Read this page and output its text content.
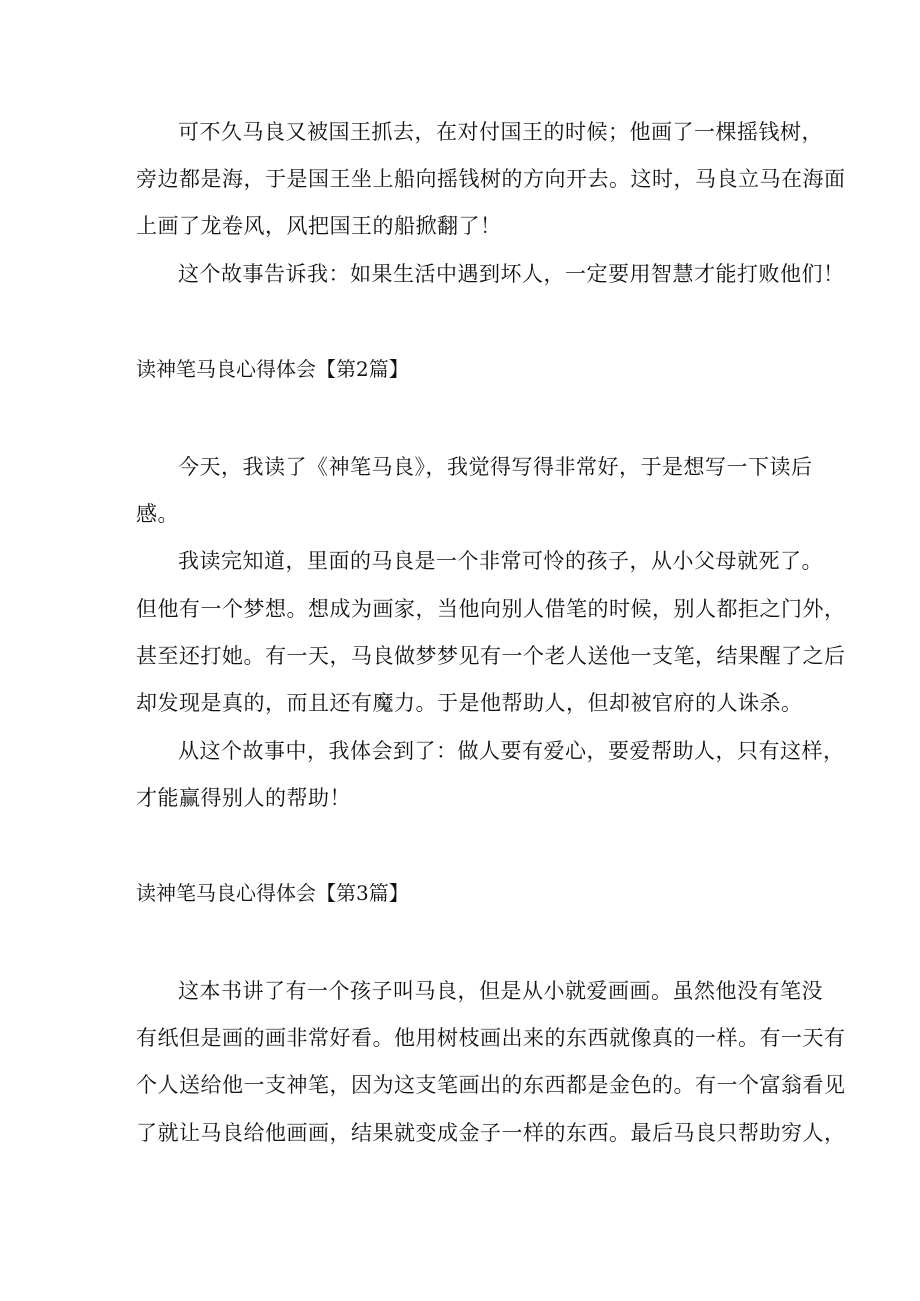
可不久马良又被国王抓去，在对付国王的时候；他画了一棵摇钱树，
旁边都是海，于是国王坐上船向摇钱树的方向开去。这时，马良立马在海面
上画了龙卷风，风把国王的船掀翻了！
这个故事告诉我：如果生活中遇到坏人，一定要用智慧才能打败他们！
读神笔马良心得体会【第2篇】
今天，我读了《神笔马良》，我觉得写得非常好，于是想写一下读后
感。
我读完知道，里面的马良是一个非常可怜的孩子，从小父母就死了。
但他有一个梦想。想成为画家，当他向别人借笔的时候，别人都拒之门外，
甚至还打她。有一天，马良做梦梦见有一个老人送他一支笔，结果醒了之后
却发现是真的，而且还有魔力。于是他帮助人，但却被官府的人诛杀。
从这个故事中，我体会到了：做人要有爱心，要爱帮助人，只有这样，
才能赢得别人的帮助！
读神笔马良心得体会【第3篇】
这本书讲了有一个孩子叫马良，但是从小就爱画画。虽然他没有笔没
有纸但是画的画非常好看。他用树枝画出来的东西就像真的一样。有一天有
个人送给他一支神笔，因为这支笔画出的东西都是金色的。有一个富翁看见
了就让马良给他画画，结果就变成金子一样的东西。最后马良只帮助穷人，
